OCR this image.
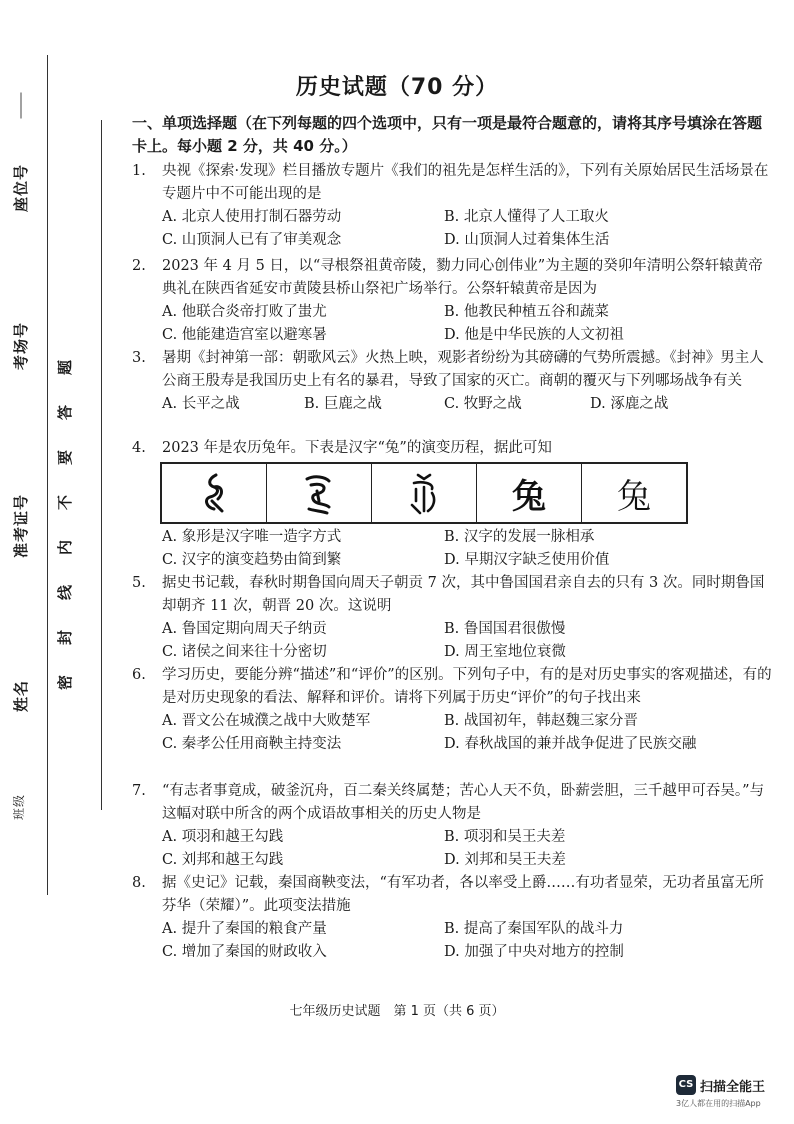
座位号
考场号
准考证号
姓名
班级
密封线内不要答题
历史试题（70 分）
一、单项选择题（在下列每题的四个选项中，只有一项是最符合题意的，请将其序号填涂在答题卡上。每小题 2 分，共 40 分。）
1. 央视《探索·发现》栏目播放专题片《我们的祖先是怎样生活的》，下列有关原始居民生活场景在专题片中不可能出现的是
A. 北京人使用打制石器劳动	B. 北京人懂得了人工取火
C. 山顶洞人已有了审美观念	D. 山顶洞人过着集体生活
2. 2023 年 4 月 5 日，以“寻根祭祖黄帝陵，勠力同心创伟业”为主题的癸卯年清明公祭轩辕黄帝典礼在陕西省延安市黄陵县桥山祭祀广场举行。公祭轩辕黄帝是因为
A. 他联合炎帝打败了蚩尤	B. 他教民种植五谷和蔬菜
C. 他能建造宫室以避寒暑	D. 他是中华民族的人文初祖
3. 暑期《封神第一部：朝歌风云》火热上映，观影者纷纷为其磅礴的气势所震撼。《封神》男主人公商王殷寿是我国历史上有名的暴君，导致了国家的灭亡。商朝的覆灭与下列哪场战争有关
A. 长平之战	B. 巨鹿之战	C. 牧野之战	D. 涿鹿之战
4. 2023 年是农历兔年。下表是汉字“兔”的演变历程，据此可知
兔 兔
A. 象形是汉字唯一造字方式	B. 汉字的发展一脉相承
C. 汉字的演变趋势由简到繁	D. 早期汉字缺乏使用价值
5. 据史书记载，春秋时期鲁国向周天子朝贡 7 次，其中鲁国国君亲自去的只有 3 次。同时期鲁国却朝齐 11 次，朝晋 20 次。这说明
A. 鲁国定期向周天子纳贡	B. 鲁国国君很傲慢
C. 诸侯之间来往十分密切	D. 周王室地位衰微
6. 学习历史，要能分辨“描述”和“评价”的区别。下列句子中，有的是对历史事实的客观描述，有的是对历史现象的看法、解释和评价。请将下列属于历史“评价”的句子找出来
A. 晋文公在城濮之战中大败楚军	B. 战国初年，韩赵魏三家分晋
C. 秦孝公任用商鞅主持变法	D. 春秋战国的兼并战争促进了民族交融
7. “有志者事竟成，破釜沉舟，百二秦关终属楚；苦心人天不负，卧薪尝胆，三千越甲可吞吴。”与这幅对联中所含的两个成语故事相关的历史人物是
A. 项羽和越王勾践	B. 项羽和吴王夫差
C. 刘邦和越王勾践	D. 刘邦和吴王夫差
8. 据《史记》记载，秦国商鞅变法，“有军功者，各以率受上爵……有功者显荣，无功者虽富无所芬华（荣耀）”。此项变法措施
A. 提升了秦国的粮食产量	B. 提高了秦国军队的战斗力
C. 增加了秦国的财政收入	D. 加强了中央对地方的控制
七年级历史试题　第 1 页（共 6 页）
CS 扫描全能王
3亿人都在用的扫描App
